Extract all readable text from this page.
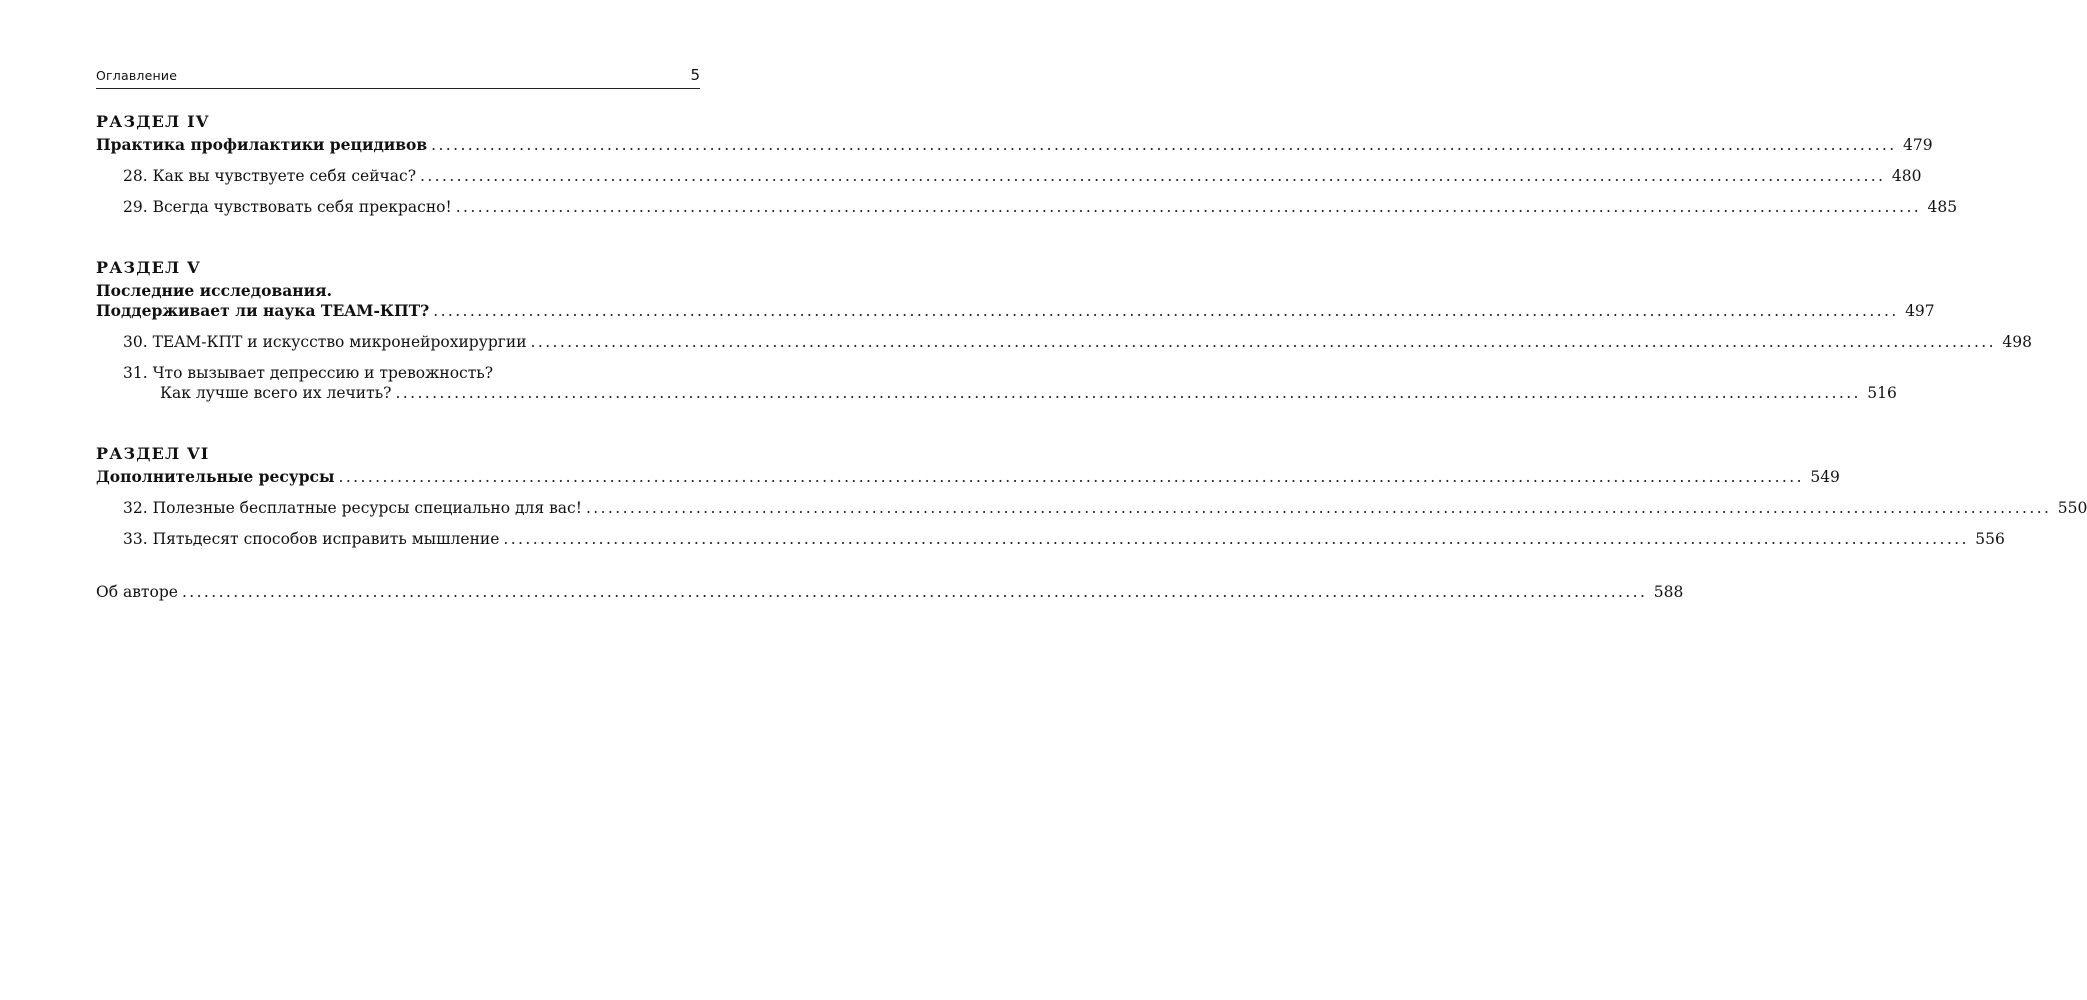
Оглавление	5
РАЗДЕЛ IV
Практика профилактики рецидивов ........................................................................................................................................................................................................ 479
28. Как вы чувствуете себя сейчас? ........................................................................................................................................................................................................ 480
29. Всегда чувствовать себя прекрасно! ........................................................................................................................................................................................................ 485
РАЗДЕЛ V
Последние исследования.
Поддерживает ли наука TEAM-КПТ? ........................................................................................................................................................................................................ 497
30. TEAM-КПТ и искусство микронейрохирургии ........................................................................................................................................................................................................ 498
31. Что вызывает депрессию и тревожность?
Как лучше всего их лечить? ........................................................................................................................................................................................................ 516
РАЗДЕЛ VI
Дополнительные ресурсы ........................................................................................................................................................................................................ 549
32. Полезные бесплатные ресурсы специально для вас! ........................................................................................................................................................................................................ 550
33. Пятьдесят способов исправить мышление ........................................................................................................................................................................................................ 556
Об авторе ........................................................................................................................................................................................................ 588
